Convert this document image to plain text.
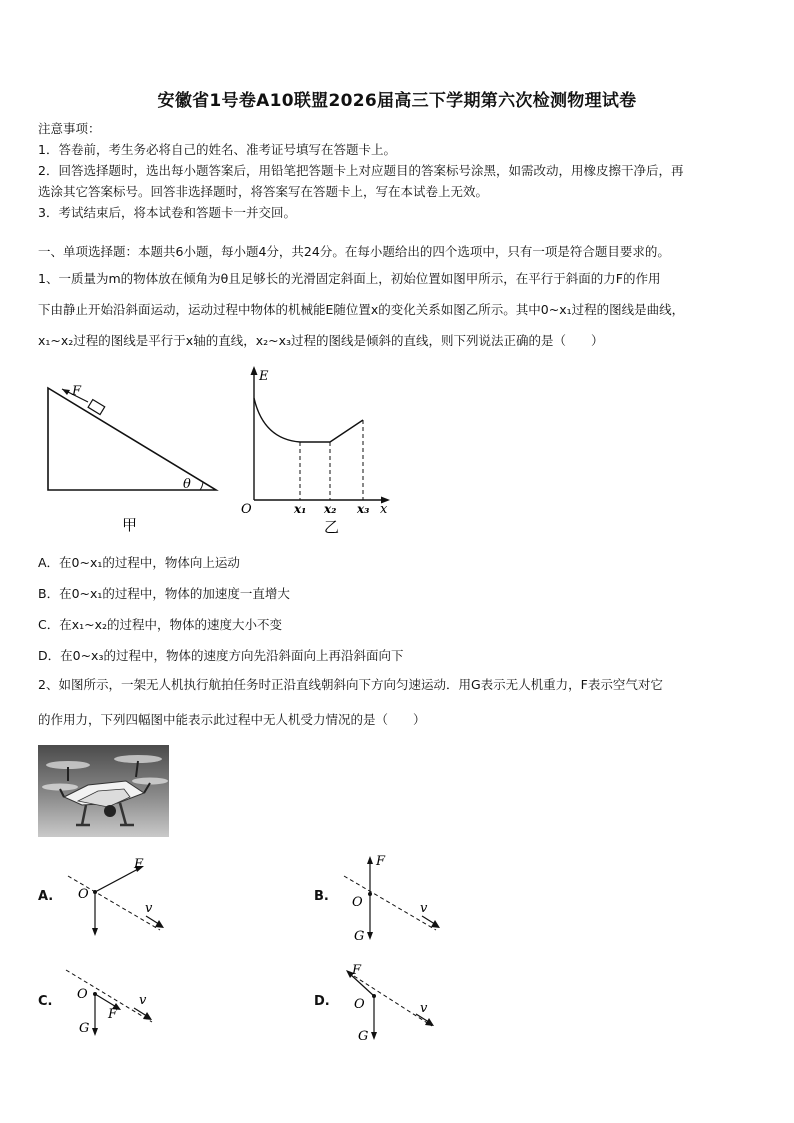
安徽省1号卷A10联盟2026届高三下学期第六次检测物理试卷
注意事项：
1．答卷前，考生务必将自己的姓名、准考证号填写在答题卡上。
2．回答选择题时，选出每小题答案后，用铅笔把答题卡上对应题目的答案标号涂黑，如需改动，用橡皮擦干净后，再
选涂其它答案标号。回答非选择题时，将答案写在答题卡上，写在本试卷上无效。
3．考试结束后，将本试卷和答题卡一并交回。
一、单项选择题：本题共6小题，每小题4分，共24分。在每小题给出的四个选项中，只有一项是符合题目要求的。
1、一质量为m的物体放在倾角为θ且足够长的光滑固定斜面上，初始位置如图甲所示，在平行于斜面的力F的作用
下由静止开始沿斜面运动，运动过程中物体的机械能E随位置x的变化关系如图乙所示。其中0~x₁过程的图线是曲线，
x₁~x₂过程的图线是平行于x轴的直线，x₂~x₃过程的图线是倾斜的直线，则下列说法正确的是（　　）
F
θ
甲
E
O	x
x₁ x₂ x₃
乙
A．在0~x₁的过程中，物体向上运动
B．在0~x₁的过程中，物体的加速度一直增大
C．在x₁~x₂的过程中，物体的速度大小不变
D．在0~x₃的过程中，物体的速度方向先沿斜面向上再沿斜面向下
2、如图所示，一架无人机执行航拍任务时正沿直线朝斜向下方向匀速运动．用G表示无人机重力，F表示空气对它
的作用力，下列四幅图中能表示此过程中无人机受力情况的是（　　）
A. O
F
v
B. O
F
v
G
C. O
F
v
G
D.
F
v
G
O
